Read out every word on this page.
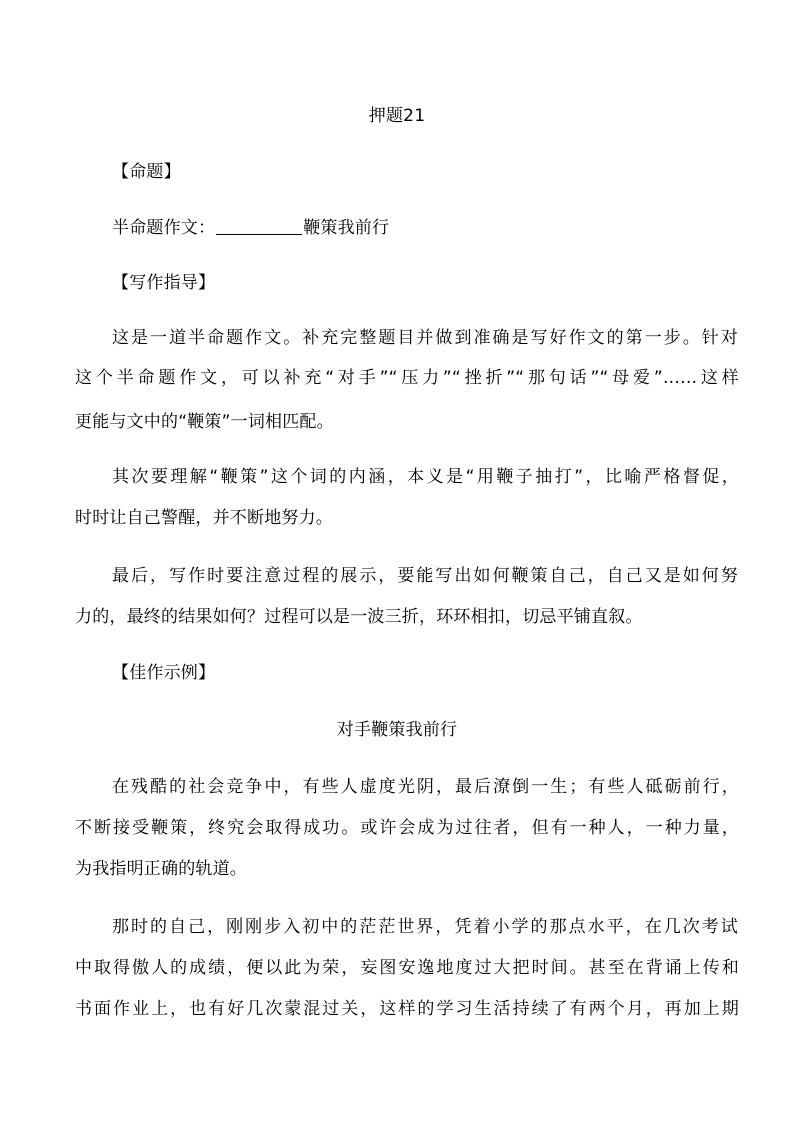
押题21
【命题】
半命题作文：	鞭策我前行
【写作指导】
这是一道半命题作文。补充完整题目并做到准确是写好作文的第一步。针对
这个半命题作文，可以补充“对手”“压力”“挫折”“那句话”“母爱”……这样
更能与文中的“鞭策”一词相匹配。
其次要理解“鞭策”这个词的内涵，本义是“用鞭子抽打”，比喻严格督促，
时时让自己警醒，并不断地努力。
最后，写作时要注意过程的展示，要能写出如何鞭策自己，自己又是如何努
力的，最终的结果如何？过程可以是一波三折，环环相扣，切忌平铺直叙。
【佳作示例】
对手鞭策我前行
在残酷的社会竞争中，有些人虚度光阴，最后潦倒一生；有些人砥砺前行，
不断接受鞭策，终究会取得成功。或许会成为过往者，但有一种人，一种力量，
为我指明正确的轨道。
那时的自己，刚刚步入初中的茫茫世界，凭着小学的那点水平，在几次考试
中取得傲人的成绩，便以此为荣，妄图安逸地度过大把时间。甚至在背诵上传和
书面作业上，也有好几次蒙混过关，这样的学习生活持续了有两个月，再加上期
